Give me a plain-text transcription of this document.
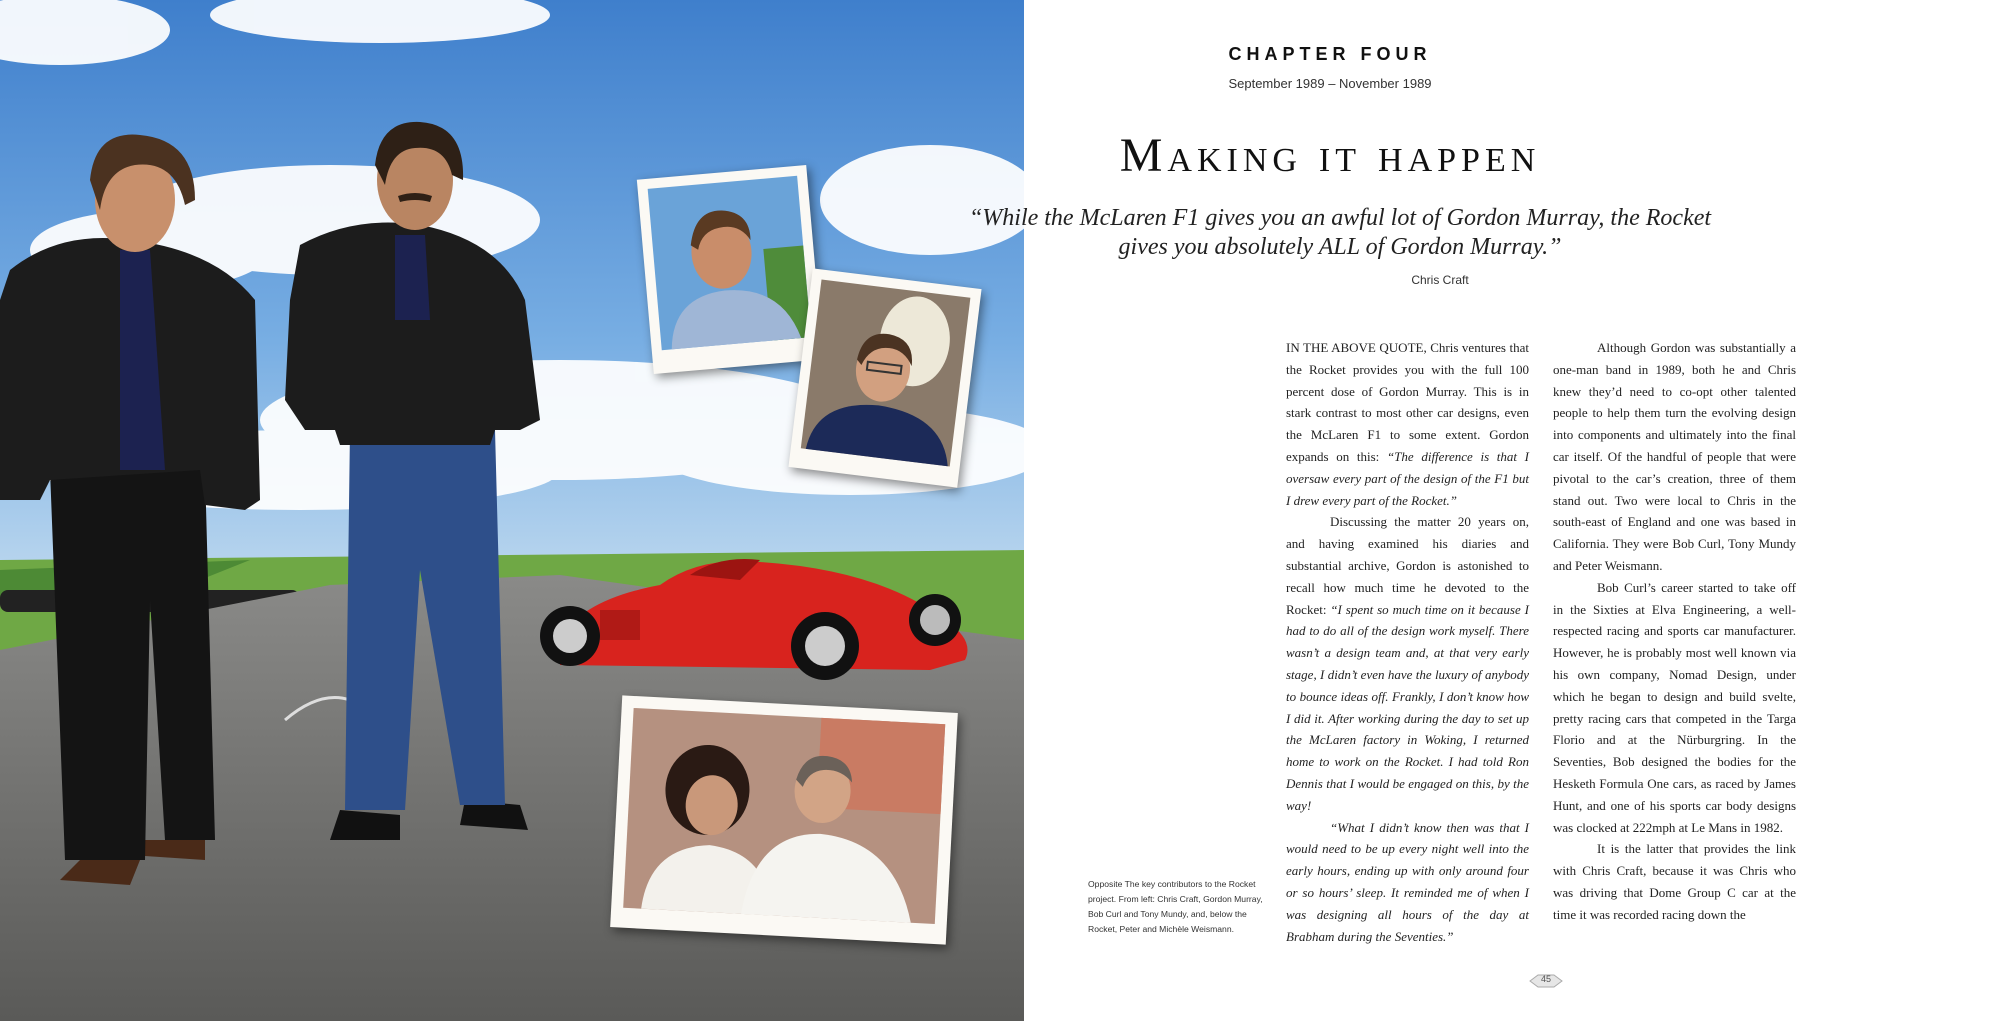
Opposite The key contributors to the Rocket project. From left: Chris Craft, Gordon Murray, Bob Curl and Tony Mundy, and, below the Rocket, Peter and Michèle Weismann.
CHAPTER FOUR
September 1989 – November 1989
Making it happen
“While the McLaren F1 gives you an awful lot of Gordon Murray, the Rocket gives you absolutely ALL of Gordon Murray.”
Chris Craft

IN THE ABOVE QUOTE, Chris ventures that the Rocket provides you with the full 100 percent dose of Gordon Murray. This is in stark contrast to most other car designs, even the McLaren F1 to some extent. Gordon expands on this: “The difference is that I oversaw every part of the design of the F1 but I drew every part of the Rocket.”

Discussing the matter 20 years on, and having examined his diaries and substantial archive, Gordon is astonished to recall how much time he devoted to the Rocket: “I spent so much time on it because I had to do all of the design work myself. There wasn’t a design team and, at that very early stage, I didn’t even have the luxury of anybody to bounce ideas off. Frankly, I don’t know how I did it. After working during the day to set up the McLaren factory in Woking, I returned home to work on the Rocket. I had told Ron Dennis that I would be engaged on this, by the way!

“What I didn’t know then was that I would need to be up every night well into the early hours, ending up with only around four or so hours’ sleep. It reminded me of when I was designing all hours of the day at Brabham during the Seventies.”

Although Gordon was substantially a one-man band in 1989, both he and Chris knew they’d need to co-opt other talented people to help them turn the evolving design into components and ultimately into the final car itself. Of the handful of people that were pivotal to the car’s creation, three of them stand out. Two were local to Chris in the south-east of England and one was based in California. They were Bob Curl, Tony Mundy and Peter Weismann.

Bob Curl’s career started to take off in the Sixties at Elva Engineering, a well-respected racing and sports car manufacturer. However, he is probably most well known via his own company, Nomad Design, under which he began to design and build svelte, pretty racing cars that competed in the Targa Florio and at the Nürburgring. In the Seventies, Bob designed the bodies for the Hesketh Formula One cars, as raced by James Hunt, and one of his sports car body designs was clocked at 222mph at Le Mans in 1982.

It is the latter that provides the link with Chris Craft, because it was Chris who was driving that Dome Group C car at the time it was recorded racing down the

45
